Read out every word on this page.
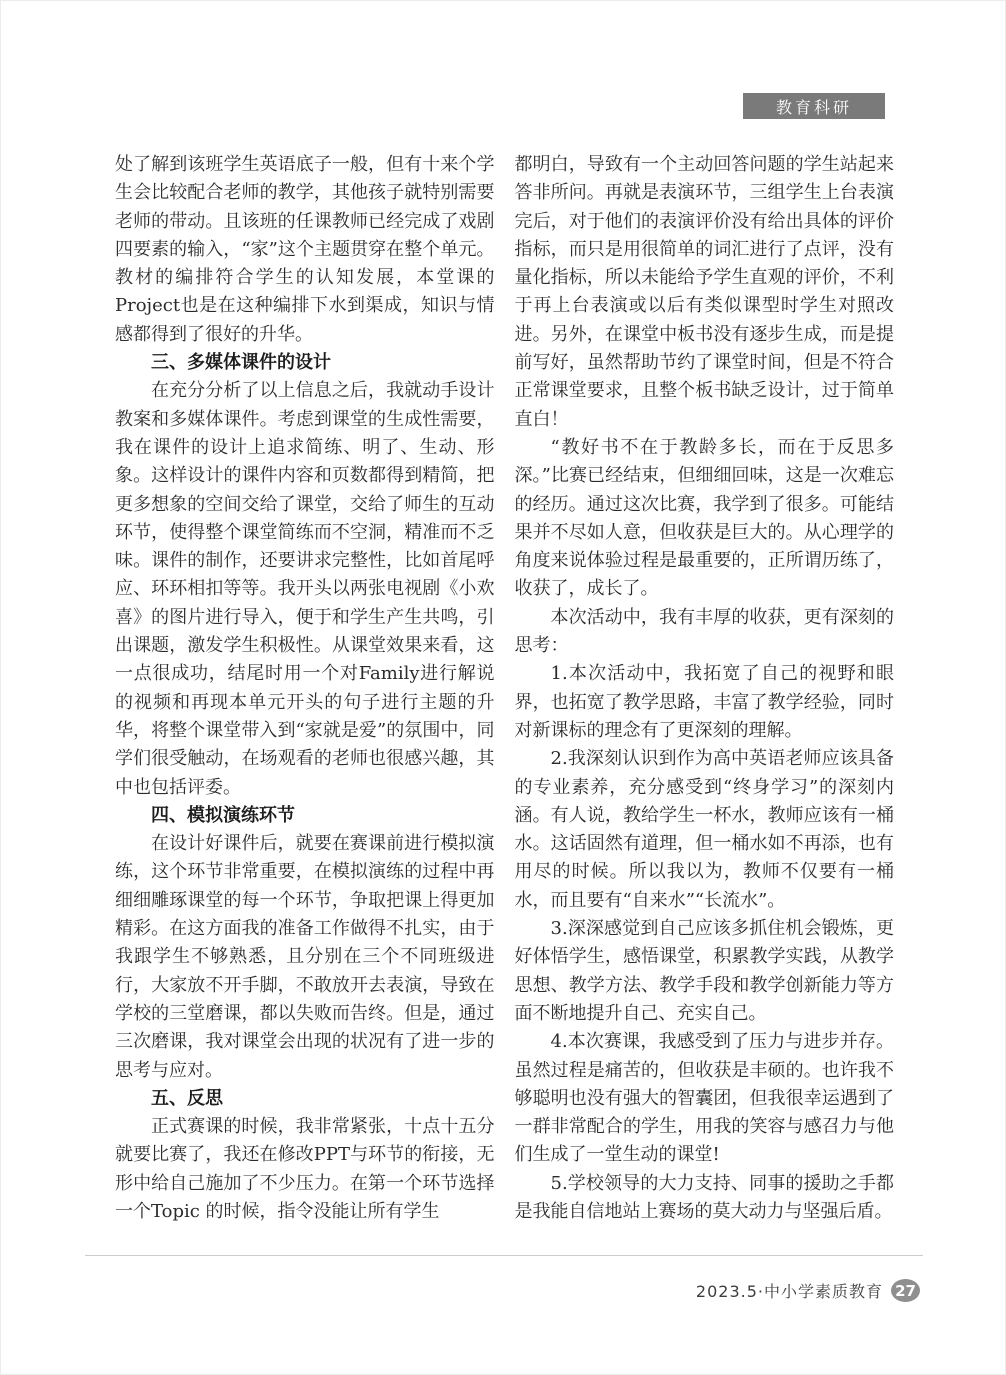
教育科研

处了解到该班学生英语底子一般，但有十来个学生会比较配合老师的教学，其他孩子就特别需要老师的带动。且该班的任课教师已经完成了戏剧四要素的输入，“家”这个主题贯穿在整个单元。教材的编排符合学生的认知发展，本堂课的Project也是在这种编排下水到渠成，知识与情感都得到了很好的升华。

三、多媒体课件的设计

在充分分析了以上信息之后，我就动手设计教案和多媒体课件。考虑到课堂的生成性需要，我在课件的设计上追求简练、明了、生动、形象。这样设计的课件内容和页数都得到精简，把更多想象的空间交给了课堂，交给了师生的互动环节，使得整个课堂简练而不空洞，精准而不乏味。课件的制作，还要讲求完整性，比如首尾呼应、环环相扣等等。我开头以两张电视剧《小欢喜》的图片进行导入，便于和学生产生共鸣，引出课题，激发学生积极性。从课堂效果来看，这一点很成功，结尾时用一个对Family进行解说的视频和再现本单元开头的句子进行主题的升华，将整个课堂带入到“家就是爱”的氛围中，同学们很受触动，在场观看的老师也很感兴趣，其中也包括评委。

四、模拟演练环节

在设计好课件后，就要在赛课前进行模拟演练，这个环节非常重要，在模拟演练的过程中再细细雕琢课堂的每一个环节，争取把课上得更加精彩。在这方面我的准备工作做得不扎实，由于我跟学生不够熟悉，且分别在三个不同班级进行，大家放不开手脚，不敢放开去表演，导致在学校的三堂磨课，都以失败而告终。但是，通过三次磨课，我对课堂会出现的状况有了进一步的思考与应对。

五、反思

正式赛课的时候，我非常紧张，十点十五分就要比赛了，我还在修改PPT与环节的衔接，无形中给自己施加了不少压力。在第一个环节选择一个Topic 的时候，指令没能让所有学生

都明白，导致有一个主动回答问题的学生站起来答非所问。再就是表演环节，三组学生上台表演完后，对于他们的表演评价没有给出具体的评价指标，而只是用很简单的词汇进行了点评，没有量化指标，所以未能给予学生直观的评价，不利于再上台表演或以后有类似课型时学生对照改进。另外，在课堂中板书没有逐步生成，而是提前写好，虽然帮助节约了课堂时间，但是不符合正常课堂要求，且整个板书缺乏设计，过于简单直白！

“教好书不在于教龄多长，而在于反思多深。”比赛已经结束，但细细回味，这是一次难忘的经历。通过这次比赛，我学到了很多。可能结果并不尽如人意，但收获是巨大的。从心理学的角度来说体验过程是最重要的，正所谓历练了，收获了，成长了。

本次活动中，我有丰厚的收获，更有深刻的思考：

1.本次活动中，我拓宽了自己的视野和眼界，也拓宽了教学思路，丰富了教学经验，同时对新课标的理念有了更深刻的理解。

2.我深刻认识到作为高中英语老师应该具备的专业素养，充分感受到“终身学习”的深刻内涵。有人说，教给学生一杯水，教师应该有一桶水。这话固然有道理，但一桶水如不再添，也有用尽的时候。所以我以为，教师不仅要有一桶水，而且要有“自来水”“长流水”。

3.深深感觉到自己应该多抓住机会锻炼，更好体悟学生，感悟课堂，积累教学实践，从教学思想、教学方法、教学手段和教学创新能力等方面不断地提升自己、充实自己。

4.本次赛课，我感受到了压力与进步并存。虽然过程是痛苦的，但收获是丰硕的。也许我不够聪明也没有强大的智囊团，但我很幸运遇到了一群非常配合的学生，用我的笑容与感召力与他们生成了一堂生动的课堂!

5.学校领导的大力支持、同事的援助之手都是我能自信地站上赛场的莫大动力与坚强后盾。

2023.5·中小学素质教育 27
